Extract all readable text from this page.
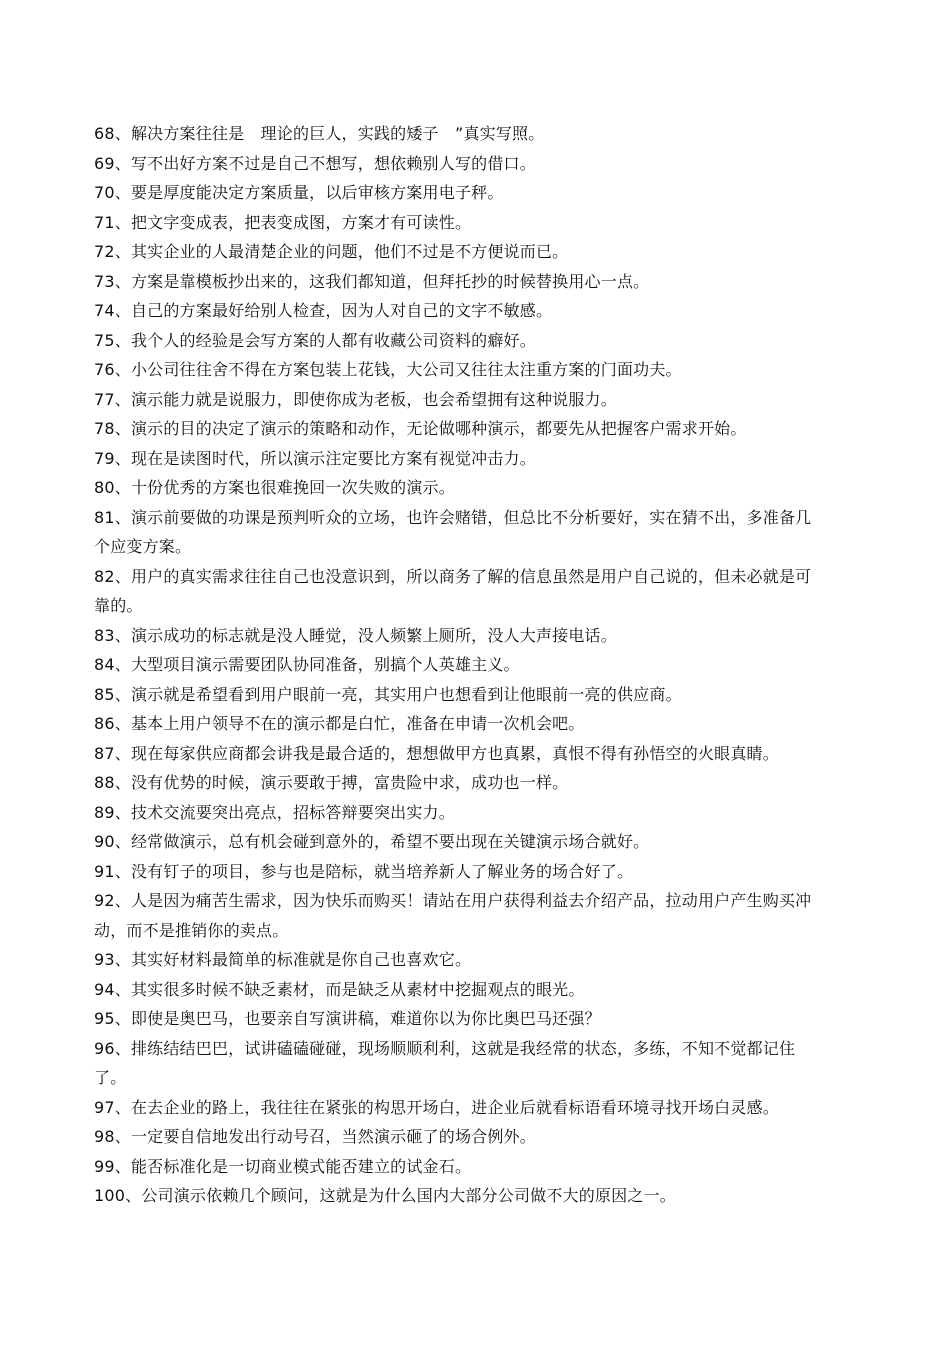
68、解决方案往往是　理论的巨人，实践的矮子　”真实写照。
69、写不出好方案不过是自己不想写，想依赖别人写的借口。
70、要是厚度能决定方案质量，以后审核方案用电子秤。
71、把文字变成表，把表变成图，方案才有可读性。
72、其实企业的人最清楚企业的问题，他们不过是不方便说而已。
73、方案是靠模板抄出来的，这我们都知道，但拜托抄的时候替换用心一点。
74、自己的方案最好给别人检查，因为人对自己的文字不敏感。
75、我个人的经验是会写方案的人都有收藏公司资料的癖好。
76、小公司往往舍不得在方案包装上花钱，大公司又往往太注重方案的门面功夫。
77、演示能力就是说服力，即使你成为老板，也会希望拥有这种说服力。
78、演示的目的决定了演示的策略和动作，无论做哪种演示，都要先从把握客户需求开始。
79、现在是读图时代，所以演示注定要比方案有视觉冲击力。
80、十份优秀的方案也很难挽回一次失败的演示。
81、演示前要做的功课是预判听众的立场，也许会赌错，但总比不分析要好，实在猜不出，多准备几个应变方案。
82、用户的真实需求往往自己也没意识到，所以商务了解的信息虽然是用户自己说的，但未必就是可靠的。
83、演示成功的标志就是没人睡觉，没人频繁上厕所，没人大声接电话。
84、大型项目演示需要团队协同准备，别搞个人英雄主义。
85、演示就是希望看到用户眼前一亮，其实用户也想看到让他眼前一亮的供应商。
86、基本上用户领导不在的演示都是白忙，准备在申请一次机会吧。
87、现在每家供应商都会讲我是最合适的，想想做甲方也真累，真恨不得有孙悟空的火眼真睛。
88、没有优势的时候，演示要敢于搏，富贵险中求，成功也一样。
89、技术交流要突出亮点，招标答辩要突出实力。
90、经常做演示，总有机会碰到意外的，希望不要出现在关键演示场合就好。
91、没有钉子的项目，参与也是陪标，就当培养新人了解业务的场合好了。
92、人是因为痛苦生需求，因为快乐而购买！请站在用户获得利益去介绍产品，拉动用户产生购买冲动，而不是推销你的卖点。
93、其实好材料最简单的标准就是你自己也喜欢它。
94、其实很多时候不缺乏素材，而是缺乏从素材中挖掘观点的眼光。
95、即使是奥巴马，也要亲自写演讲稿，难道你以为你比奥巴马还强？
96、排练结结巴巴，试讲磕磕碰碰，现场顺顺利利，这就是我经常的状态，多练，不知不觉都记住了。
97、在去企业的路上，我往往在紧张的构思开场白，进企业后就看标语看环境寻找开场白灵感。
98、一定要自信地发出行动号召，当然演示砸了的场合例外。
99、能否标准化是一切商业模式能否建立的试金石。
100、公司演示依赖几个顾问，这就是为什么国内大部分公司做不大的原因之一。
